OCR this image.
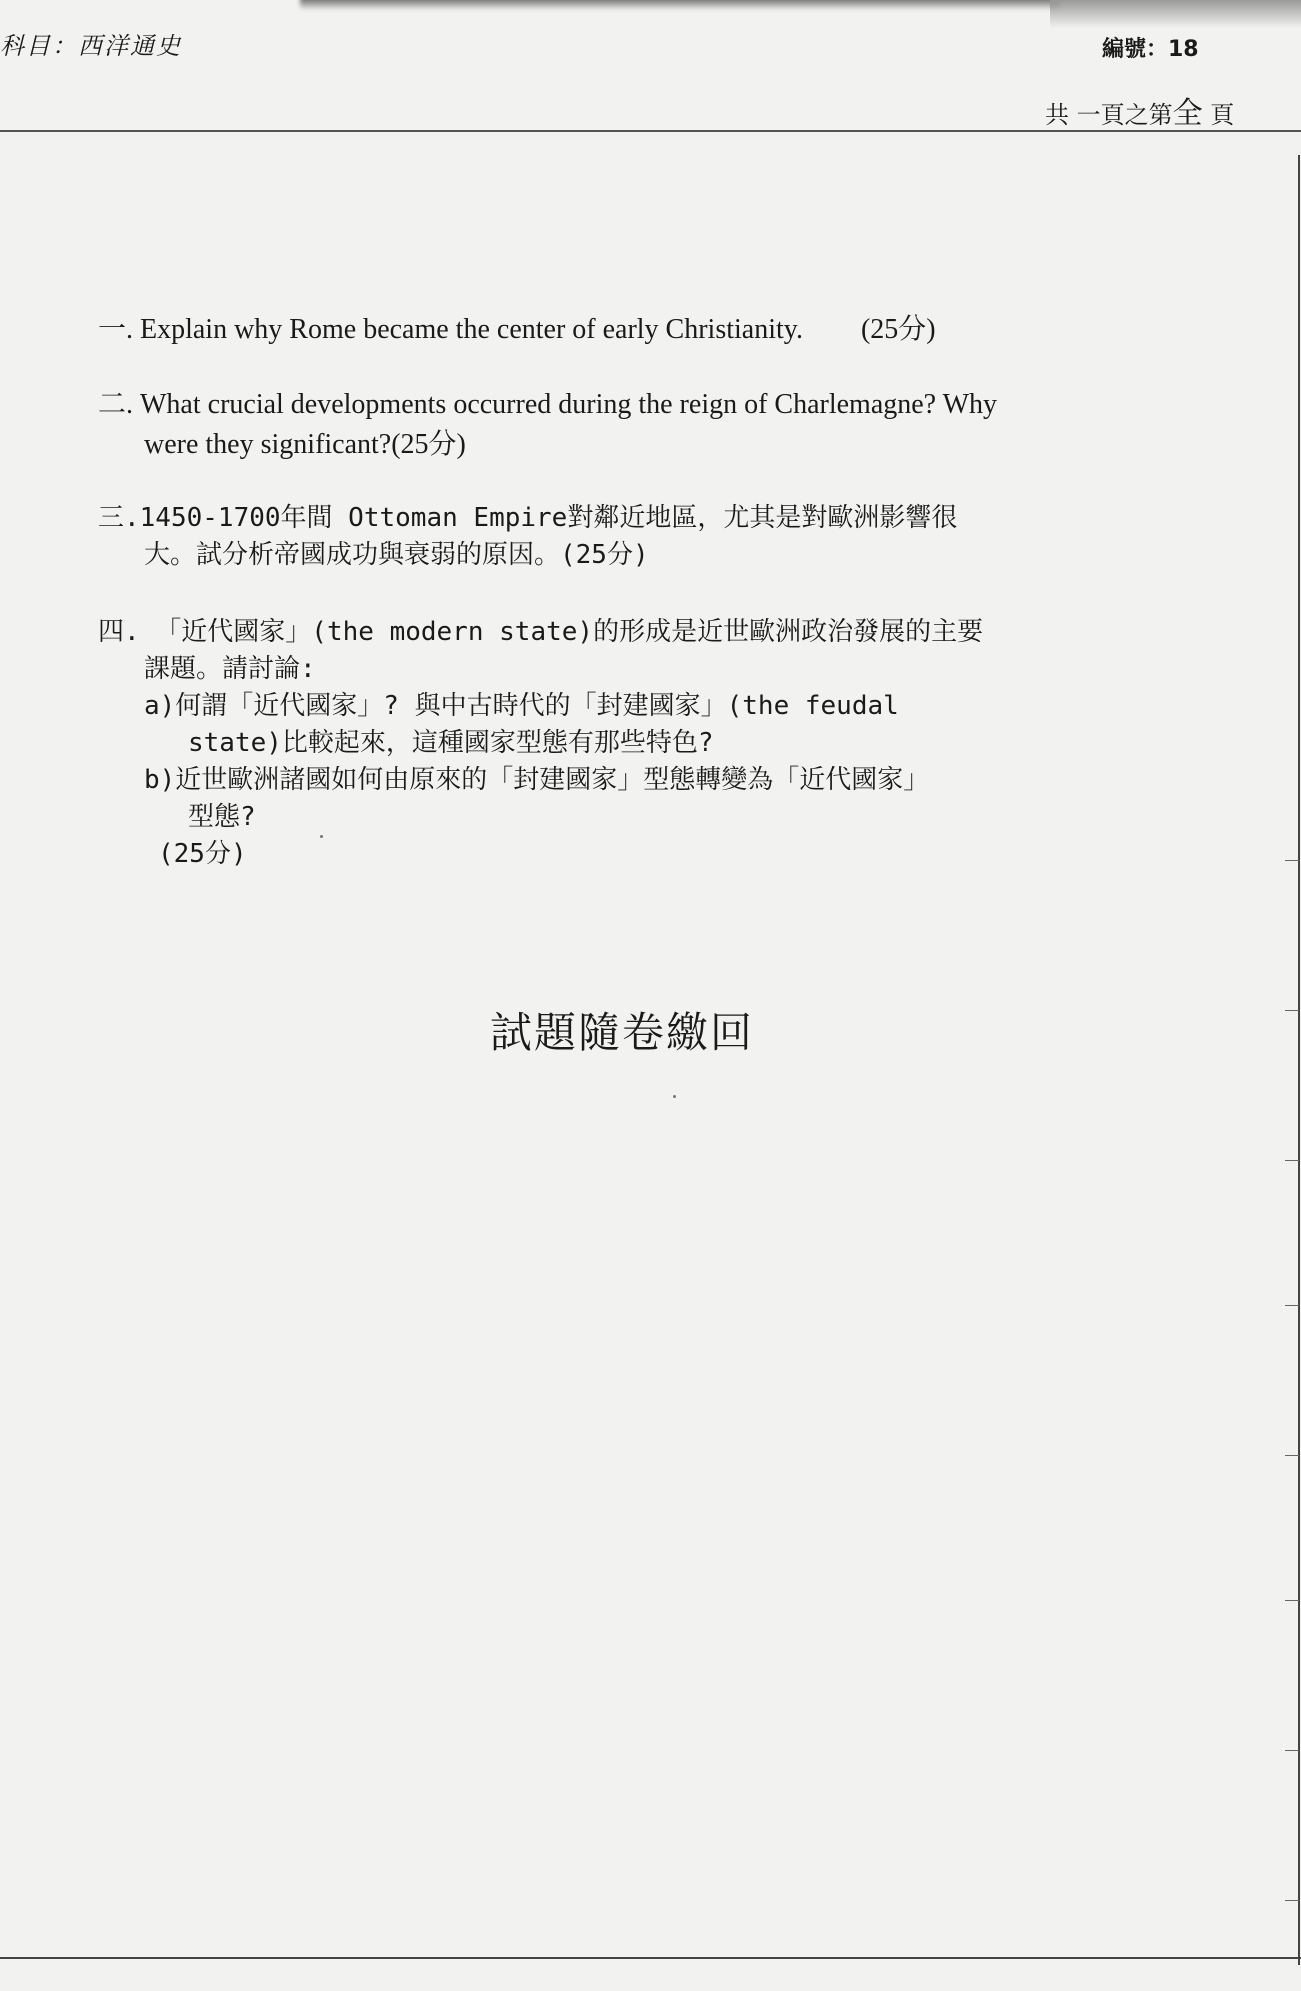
科目：西洋通史	編號：18
共 一頁之第全 頁
一. Explain why Rome became the center of early Christianity. (25分)
二. What crucial developments occurred during the reign of Charlemagne? Why
were they significant?(25分)
三.1450-1700年間 Ottoman Empire對鄰近地區，尤其是對歐洲影響很
大。試分析帝國成功與衰弱的原因。(25分)
四. 「近代國家」(the modern state)的形成是近世歐洲政治發展的主要
課題。請討論:
a)何謂「近代國家」? 與中古時代的「封建國家」(the feudal
state)比較起來，這種國家型態有那些特色?
b)近世歐洲諸國如何由原來的「封建國家」型態轉變為「近代國家」
型態?
(25分)
試題隨卷繳回
